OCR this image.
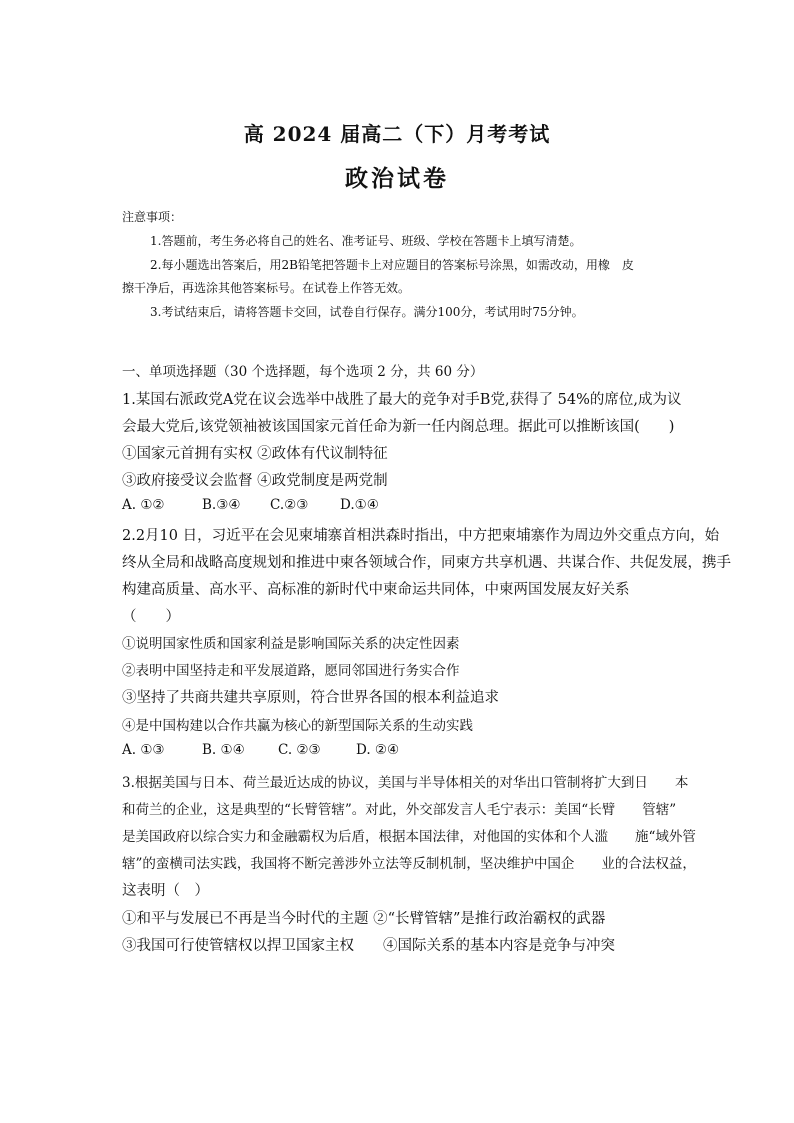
高 2024 届高二（下）月考考试
政治试卷
注意事项：
1.答题前，考生务必将自己的姓名、准考证号、班级、学校在答题卡上填写清楚。
2.每小题选出答案后，用2B铅笔把答题卡上对应题目的答案标号涂黑，如需改动，用橡　皮
擦干净后，再选涂其他答案标号。在试卷上作答无效。
3.考试结束后，请将答题卡交回，试卷自行保存。满分100分，考试用时75分钟。
一、单项选择题（30 个选择题，每个选项 2 分，共 60 分）
1.某国右派政党A党在议会选举中战胜了最大的竞争对手B党,获得了 54%的席位,成为议
会最大党后,该党领袖被该国国家元首任命为新一任内阁总理。据此可以推断该国(　　)
①国家元首拥有实权 ②政体有代议制特征
③政府接受议会监督 ④政党制度是两党制
A. ①②	B.③④ C.②③ D.①④
2.2月10 日，习近平在会见柬埔寨首相洪森时指出，中方把柬埔寨作为周边外交重点方向，始
终从全局和战略高度规划和推进中柬各领域合作，同柬方共享机遇、共谋合作、共促发展，携手
构建高质量、高水平、高标准的新时代中柬命运共同体，中柬两国发展友好关系
（　　）
①说明国家性质和国家利益是影响国际关系的决定性因素
②表明中国坚持走和平发展道路，愿同邻国进行务实合作
③坚持了共商共建共享原则，符合世界各国的根本利益追求
④是中国构建以合作共赢为核心的新型国际关系的生动实践
A. ①③	B. ①④ C. ②③	D. ②④
3.根据美国与日本、荷兰最近达成的协议，美国与半导体相关的对华出口管制将扩大到日　　本
和荷兰的企业，这是典型的“长臂管辖”。对此，外交部发言人毛宁表示：美国“长臂　　管辖”
是美国政府以综合实力和金融霸权为后盾，根据本国法律，对他国的实体和个人滥　　施“域外管
辖”的蛮横司法实践，我国将不断完善涉外立法等反制机制，坚决维护中国企　　业的合法权益，
这表明（　）
①和平与发展已不再是当今时代的主题 ②“长臂管辖”是推行政治霸权的武器
③我国可行使管辖权以捍卫国家主权　　④国际关系的基本内容是竞争与冲突
